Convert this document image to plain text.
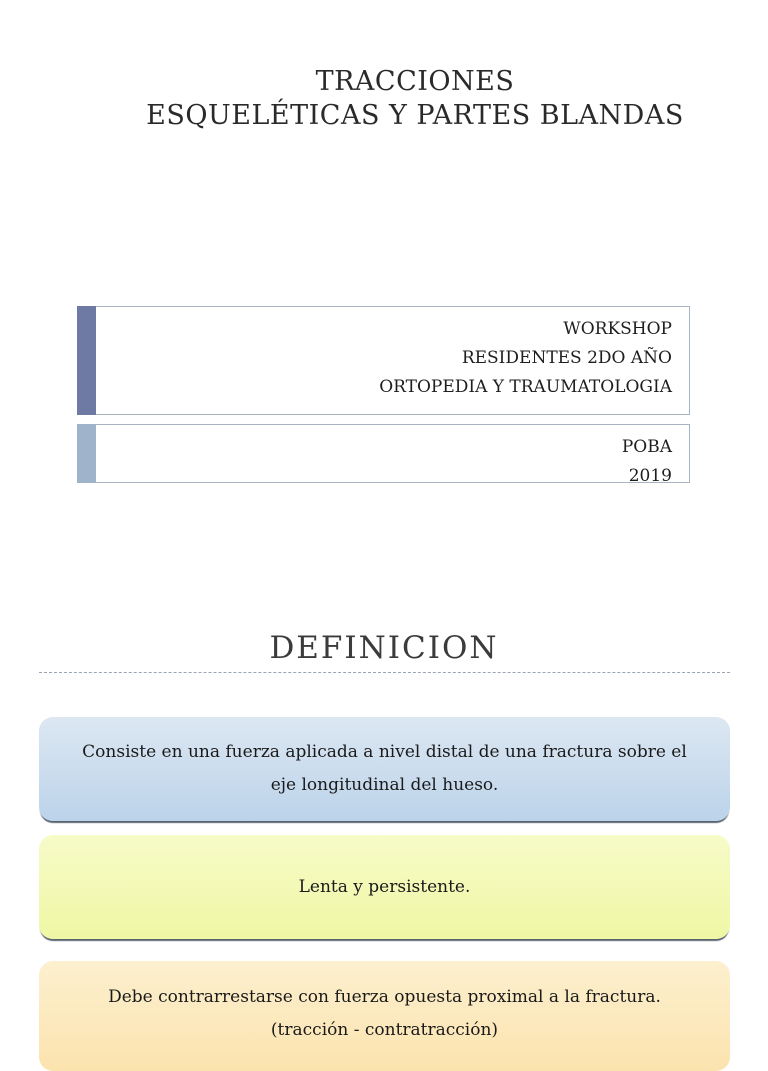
TRACCIONES
ESQUELÉTICAS Y PARTES BLANDAS
WORKSHOP
RESIDENTES 2DO AÑO
ORTOPEDIA Y TRAUMATOLOGIA
POBA
2019
DEFINICION
Consiste en una fuerza aplicada a nivel distal de una fractura sobre el eje longitudinal del hueso.
Lenta y persistente.
Debe contrarrestarse con fuerza opuesta proximal a la fractura. (tracción - contratracción)
